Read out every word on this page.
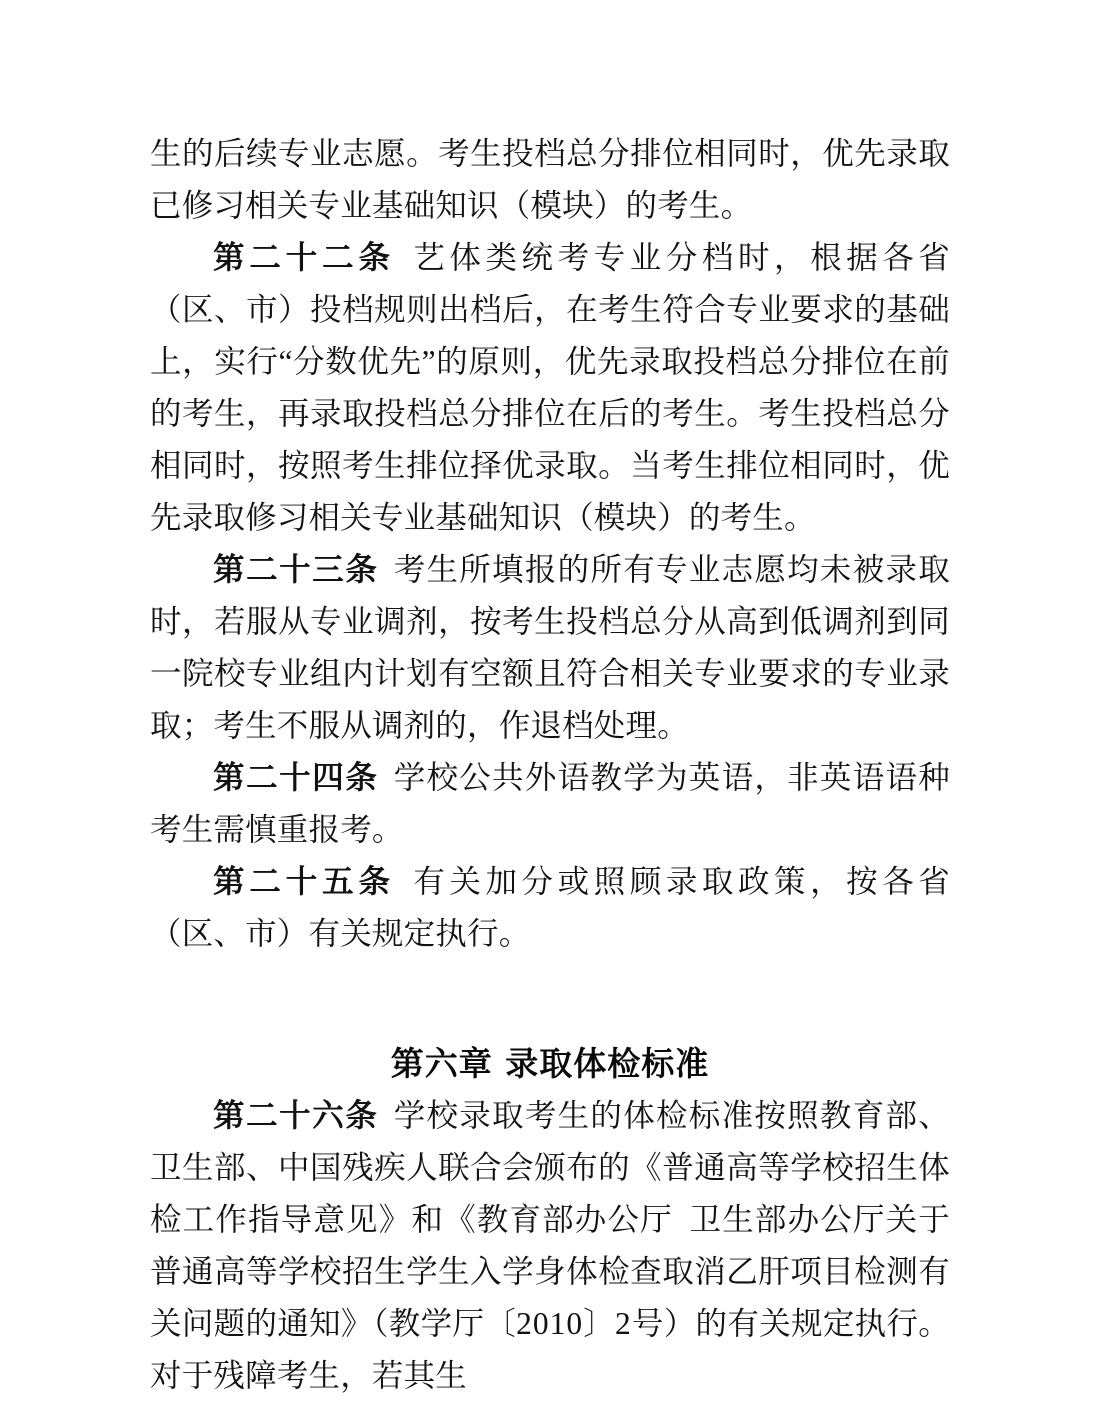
生的后续专业志愿。考生投档总分排位相同时，优先录取已修习相关专业基础知识（模块）的考生。

第二十二条 艺体类统考专业分档时，根据各省（区、市）投档规则出档后，在考生符合专业要求的基础上，实行“分数优先”的原则，优先录取投档总分排位在前的考生，再录取投档总分排位在后的考生。考生投档总分相同时，按照考生排位择优录取。当考生排位相同时，优先录取修习相关专业基础知识（模块）的考生。

第二十三条 考生所填报的所有专业志愿均未被录取时，若服从专业调剂，按考生投档总分从高到低调剂到同一院校专业组内计划有空额且符合相关专业要求的专业录取；考生不服从调剂的，作退档处理。

第二十四条 学校公共外语教学为英语，非英语语种考生需慎重报考。

第二十五条 有关加分或照顾录取政策，按各省（区、市）有关规定执行。

第六章 录取体检标准

第二十六条 学校录取考生的体检标准按照教育部、卫生部、中国残疾人联合会颁布的《普通高等学校招生体检工作指导意见》和《教育部办公厅 卫生部办公厅关于普通高等学校招生学生入学身体检查取消乙肝项目检测有关问题的通知》（教学厅〔2010〕2号）的有关规定执行。对于残障考生，若其生
